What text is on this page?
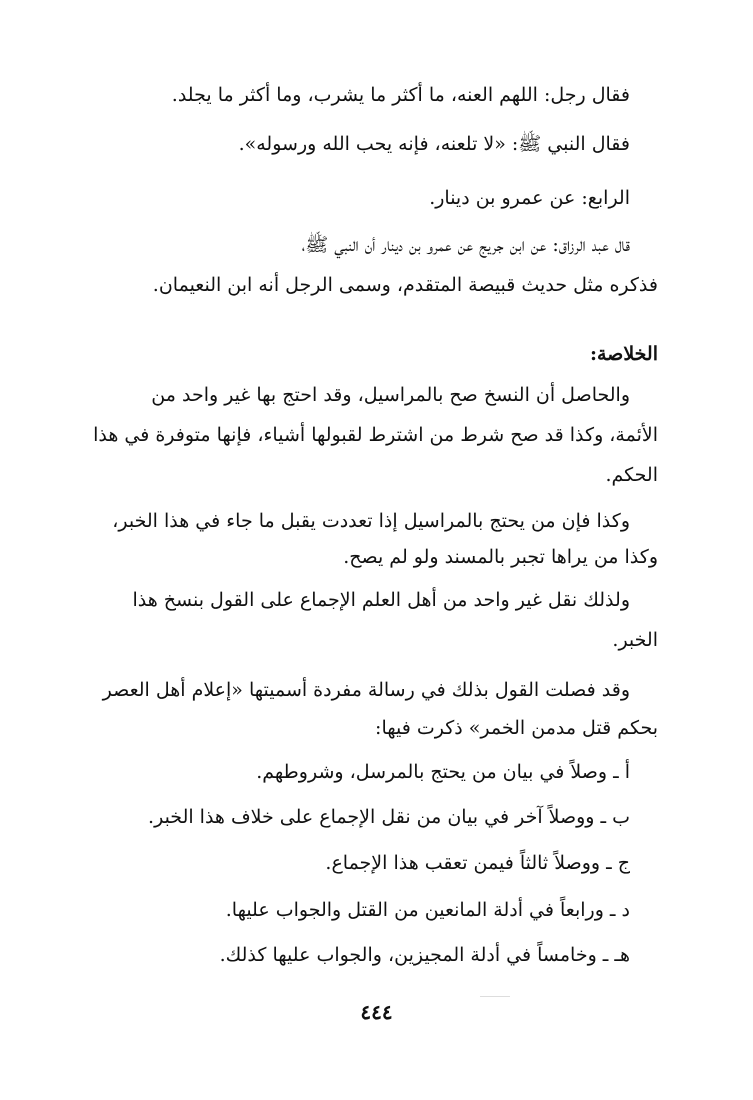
فقال رجل: اللهم العنه، ما أكثر ما يشرب، وما أكثر ما يجلد.
فقال النبي ﷺ: «لا تلعنه، فإنه يحب الله ورسوله».
الرابع: عن عمرو بن دينار.
قال عبد الرزاق: عن ابن جريج عن عمرو بن دينار أن النبي ﷺ،
فذكره مثل حديث قبيصة المتقدم، وسمى الرجل أنه ابن النعيمان.
الخلاصة:
والحاصل أن النسخ صح بالمراسيل، وقد احتج بها غير واحد من
الأئمة، وكذا قد صح شرط من اشترط لقبولها أشياء، فإنها متوفرة في هذا
الحكم.
وكذا فإن من يحتج بالمراسيل إذا تعددت يقبل ما جاء في هذا الخبر،
وكذا من يراها تجبر بالمسند ولو لم يصح.
ولذلك نقل غير واحد من أهل العلم الإجماع على القول بنسخ هذا
الخبر.
وقد فصلت القول بذلك في رسالة مفردة أسميتها «إعلام أهل العصر
بحكم قتل مدمن الخمر» ذكرت فيها:
أ ـ وصلاً في بيان من يحتج بالمرسل، وشروطهم.
ب ـ ووصلاً آخر في بيان من نقل الإجماع على خلاف هذا الخبر.
ج ـ ووصلاً ثالثاً فيمن تعقب هذا الإجماع.
د ـ ورابعاً في أدلة المانعين من القتل والجواب عليها.
هـ ـ وخامساً في أدلة المجيزين، والجواب عليها كذلك.
٤٤٤
